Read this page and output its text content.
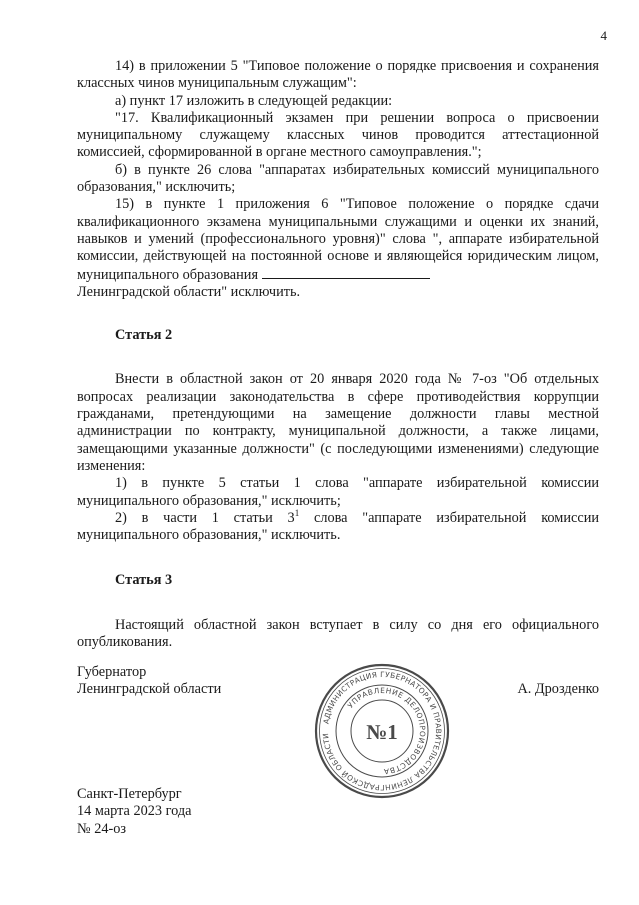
4

14) в приложении 5 "Типовое положение о порядке присвоения и сохранения классных чинов муниципальным служащим":

а) пункт 17 изложить в следующей редакции:

"17. Квалификационный экзамен при решении вопроса о присвоении муниципальному служащему классных чинов проводится аттестационной комиссией, сформированной в органе местного самоуправления.";

б) в пункте 26 слова "аппаратах избирательных комиссий муниципального образования," исключить;

15) в пункте 1 приложения 6 "Типовое положение о порядке сдачи квалификационного экзамена муниципальными служащими и оценки их знаний, навыков и умений (профессионального уровня)" слова ", аппарате избирательной комиссии, действующей на постоянной основе и являющейся юридическим лицом, муниципального образования

Ленинградской области" исключить.

Статья 2

Внести в областной закон от 20 января 2020 года № 7-оз "Об отдельных вопросах реализации законодательства в сфере противодействия коррупции гражданами, претендующими на замещение должности главы местной администрации по контракту, муниципальной должности, а также лицами, замещающими указанные должности" (с последующими изменениями) следующие изменения:

1) в пункте 5 статьи 1 слова "аппарате избирательной комиссии муниципального образования," исключить;

2) в части 1 статьи $3^1$ слова "аппарате избирательной комиссии муниципального образования," исключить.

Статья 3

Настоящий областной закон вступает в силу со дня его официального опубликования.

Губернатор
Ленинградской области
АДМИНИСТРАЦИЯ ГУБЕРНАТОРА И ПРАВИТЕЛЬСТВА ЛЕНИНГРАДСКОЙ ОБЛАСТИ
УПРАВЛЕНИЕ ДЕЛОПРОИЗВОДСТВА
№1
А. Дрозденко
Санкт-Петербург
14 марта 2023 года
№ 24-оз
